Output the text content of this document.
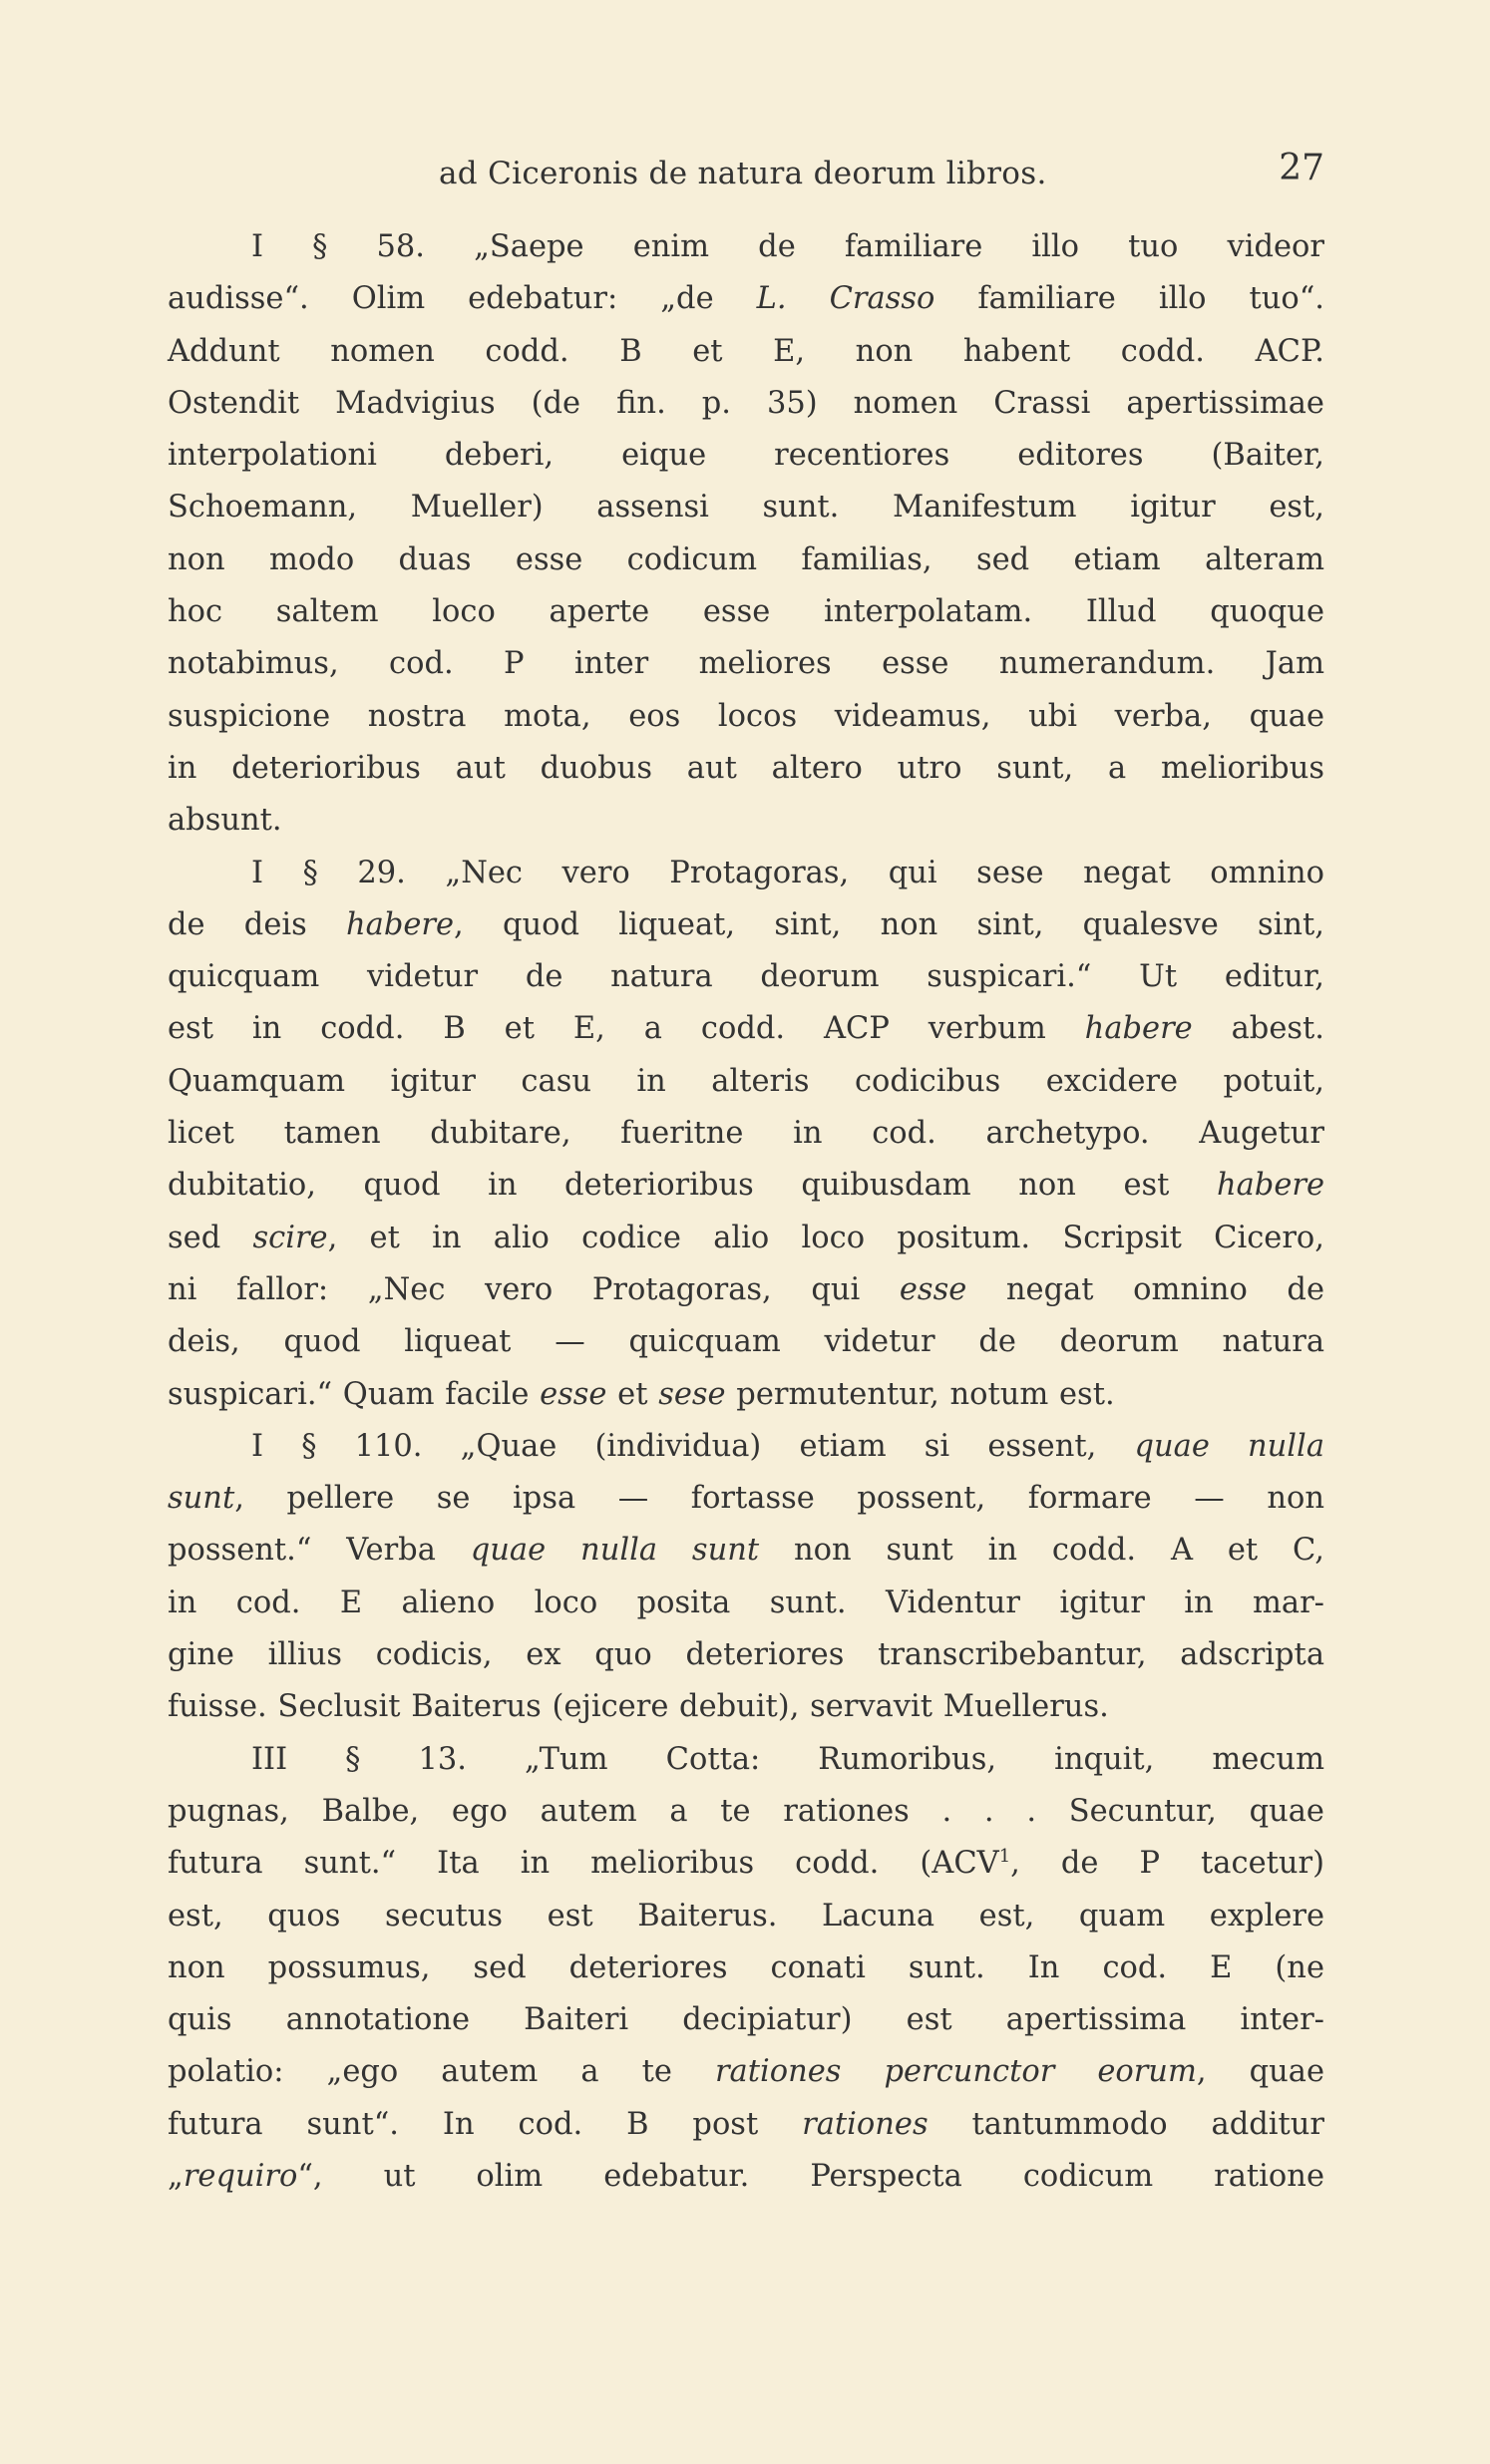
ad Ciceronis de natura deorum libros.	27
I § 58. „Saepe enim de familiare illo tuo videor
audisse“. Olim edebatur: „de L. Crasso familiare illo tuo“.
Addunt nomen codd. B et E, non habent codd. ACP.
Ostendit Madvigius (de fin. p. 35) nomen Crassi apertissimae
interpolationi deberi, eique recentiores editores (Baiter,
Schoemann, Mueller) assensi sunt. Manifestum igitur est,
non modo duas esse codicum familias, sed etiam alteram
hoc saltem loco aperte esse interpolatam. Illud quoque
notabimus, cod. P inter meliores esse numerandum. Jam
suspicione nostra mota, eos locos videamus, ubi verba, quae
in deterioribus aut duobus aut altero utro sunt, a melioribus
absunt.
I § 29. „Nec vero Protagoras, qui sese negat omnino
de deis habere, quod liqueat, sint, non sint, qualesve sint,
quicquam videtur de natura deorum suspicari.“ Ut editur,
est in codd. B et E, a codd. ACP verbum habere abest.
Quamquam igitur casu in alteris codicibus excidere potuit,
licet tamen dubitare, fueritne in cod. archetypo. Augetur
dubitatio, quod in deterioribus quibusdam non est habere
sed scire, et in alio codice alio loco positum. Scripsit Cicero,
ni fallor: „Nec vero Protagoras, qui esse negat omnino de
deis, quod liqueat — quicquam videtur de deorum natura
suspicari.“ Quam facile esse et sese permutentur, notum est.
I § 110. „Quae (individua) etiam si essent, quae nulla
sunt, pellere se ipsa — fortasse possent, formare — non
possent.“ Verba quae nulla sunt non sunt in codd. A et C,
in cod. E alieno loco posita sunt. Videntur igitur in mar-
gine illius codicis, ex quo deteriores transcribebantur, adscripta
fuisse. Seclusit Baiterus (ejicere debuit), servavit Muellerus.
III § 13. „Tum Cotta: Rumoribus, inquit, mecum
pugnas, Balbe, ego autem a te rationes . . . Secuntur, quae
futura sunt.“ Ita in melioribus codd. (ACV$^1$, de P tacetur)
est, quos secutus est Baiterus. Lacuna est, quam explere
non possumus, sed deteriores conati sunt. In cod. E (ne
quis annotatione Baiteri decipiatur) est apertissima inter-
polatio: „ego autem a te rationes percunctor eorum, quae
futura sunt“. In cod. B post rationes tantummodo additur
„requiro“, ut olim edebatur. Perspecta codicum ratione
